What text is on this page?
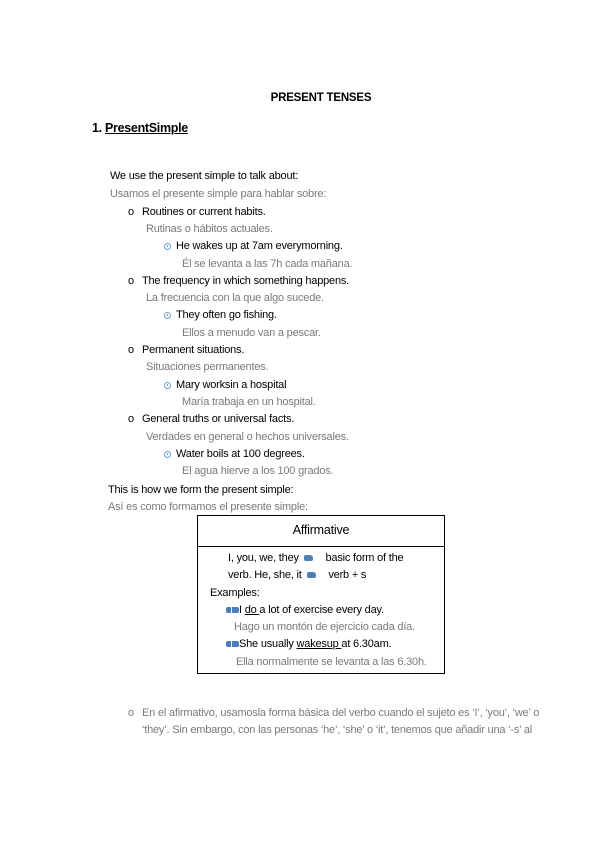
PRESENT TENSES
1. PresentSimple
We use the present simple to talk about:
Usamos el presente simple para hablar sobre:
o Routines or current habits.
Rutinas o hábitos actuales.
He wakes up at 7am everymorning.
Él se levanta a las 7h cada mañana.
o The frequency in which something happens.
La frecuencia con la que algo sucede.
They often go fishing.
Ellos a menudo van a pescar.
o Permanent situations.
Situaciones permanentes.
Mary worksin a hospital
María trabaja en un hospital.
o General truths or universal facts.
Verdades en general o hechos universales.
Water boils at 100 degrees.
El agua hierve a los 100 grados.
This is how we form the present simple:
Así es como formamos el presente simple:
Affirmative
I, you, we, they basic form of the
verb. He, she, it verb + s
Examples:
I do a lot of exercise every day.
Hago un montón de ejercicio cada día.
She usually wakesup at 6.30am.
Ella normalmente se levanta a las 6.30h.
o En el afirmativo, usamosla forma básica del verbo cuando el sujeto es ‘I’, ‘you’, ‘we’ o
‘they’. Sin embargo, con las personas ‘he’, ‘she’ o ‘it’, tenemos que añadir una ‘-s’ al
